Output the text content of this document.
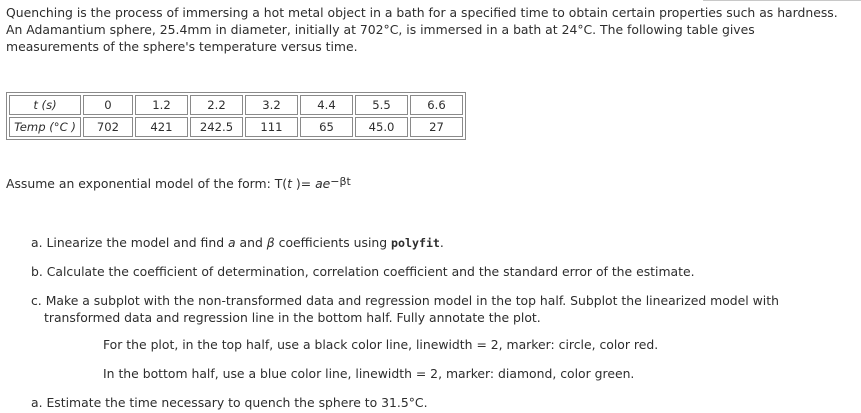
Quenching is the process of immersing a hot metal object in a bath for a specified time to obtain certain properties such as hardness. An Adamantium sphere, 25.4mm in diameter, initially at 702°C, is immersed in a bath at 24°C. The following table gives measurements of the sphere's temperature versus time.

t (s)	0	1.2	2.2	3.2	4.4	5.5	6.6
Temp (°C )	702	421	242.5	111	65	45.0	27

Assume an exponential model of the form: T(t )= $ae^{-\beta t}$

a. Linearize the model and find a and β coefficients using polyfit.

b. Calculate the coefficient of determination, correlation coefficient and the standard error of the estimate.

c. Make a subplot with the non-transformed data and regression model in the top half. Subplot the linearized model with transformed data and regression line in the bottom half. Fully annotate the plot.

For the plot, in the top half, use a black color line, linewidth = 2, marker: circle, color red.

In the bottom half, use a blue color line, linewidth = 2, marker: diamond, color green.

a. Estimate the time necessary to quench the sphere to 31.5°C.
